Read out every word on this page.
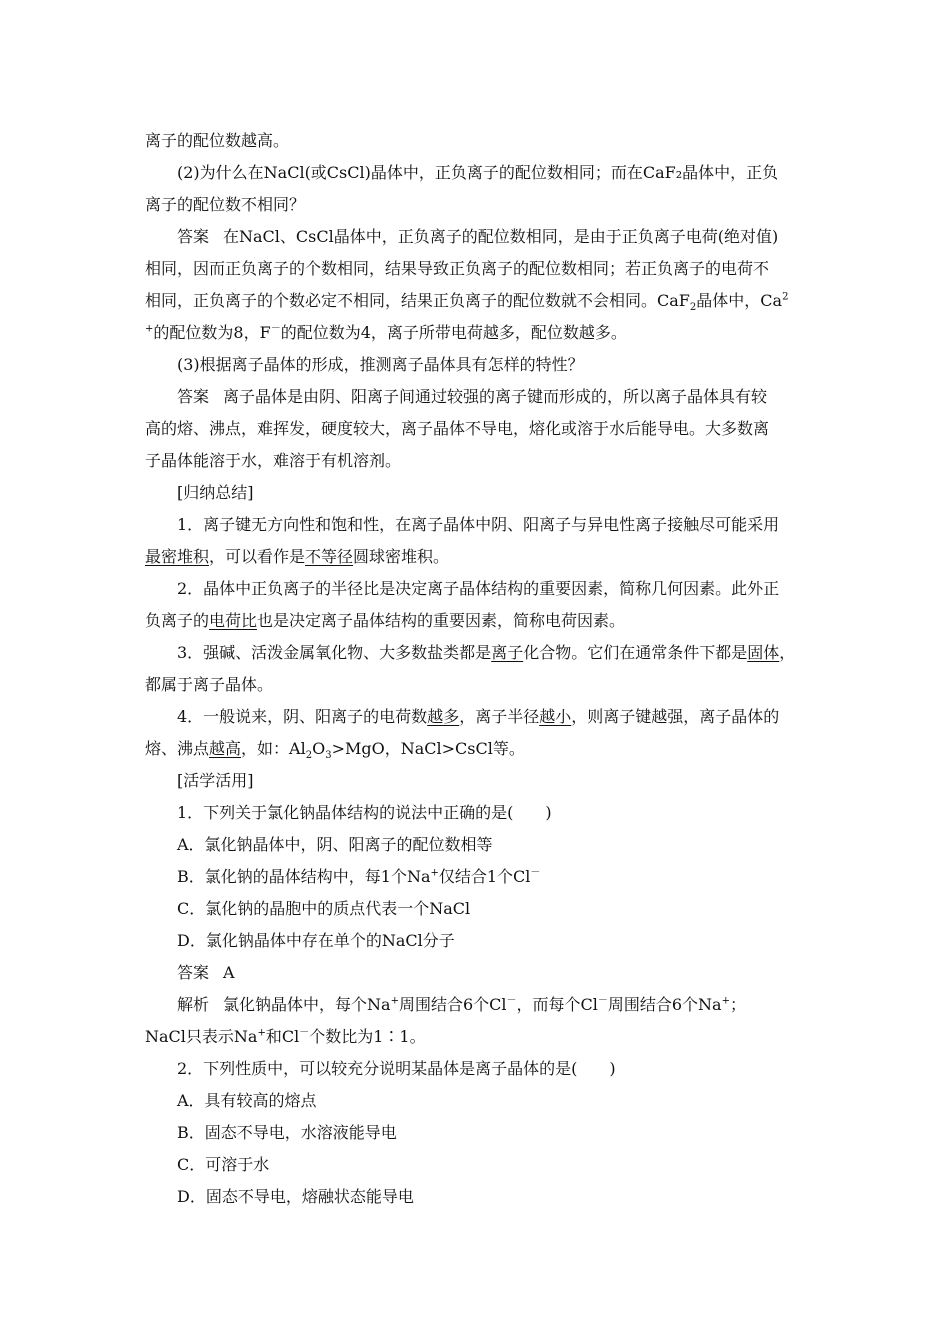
离子的配位数越高。
(2)为什么在NaCl(或CsCl)晶体中，正负离子的配位数相同；而在CaF₂晶体中，正负
离子的配位数不相同？
答案 在NaCl、CsCl晶体中，正负离子的配位数相同，是由于正负离子电荷(绝对值)
相同，因而正负离子的个数相同，结果导致正负离子的配位数相同；若正负离子的电荷不
相同，正负离子的个数必定不相同，结果正负离子的配位数就不会相同。CaF$_2$晶体中，Ca$^2$
+的配位数为8，F－的配位数为4，离子所带电荷越多，配位数越多。
(3)根据离子晶体的形成，推测离子晶体具有怎样的特性？
答案 离子晶体是由阴、阳离子间通过较强的离子键而形成的，所以离子晶体具有较
高的熔、沸点，难挥发，硬度较大，离子晶体不导电，熔化或溶于水后能导电。大多数离
子晶体能溶于水，难溶于有机溶剂。
[归纳总结]
1．离子键无方向性和饱和性，在离子晶体中阴、阳离子与异电性离子接触尽可能采用
最密堆积，可以看作是不等径圆球密堆积。
2．晶体中正负离子的半径比是决定离子晶体结构的重要因素，简称几何因素。此外正
负离子的电荷比也是决定离子晶体结构的重要因素，简称电荷因素。
3．强碱、活泼金属氧化物、大多数盐类都是离子化合物。它们在通常条件下都是固体，
都属于离子晶体。
4．一般说来，阴、阳离子的电荷数越多，离子半径越小，则离子键越强，离子晶体的
熔、沸点越高，如：$Al_2O_3>MgO$，NaCl>CsCl等。
[活学活用]
1．下列关于氯化钠晶体结构的说法中正确的是(　　)
A．氯化钠晶体中，阴、阳离子的配位数相等
B．氯化钠的晶体结构中，每1个Na+仅结合1个Cl－
C．氯化钠的晶胞中的质点代表一个NaCl
D．氯化钠晶体中存在单个的NaCl分子
答案 A
解析 氯化钠晶体中，每个Na+周围结合6个Cl－，而每个Cl－周围结合6个Na+；
NaCl只表示Na+和Cl－个数比为1∶1。
2．下列性质中，可以较充分说明某晶体是离子晶体的是(　　)
A．具有较高的熔点
B．固态不导电，水溶液能导电
C．可溶于水
D．固态不导电，熔融状态能导电
